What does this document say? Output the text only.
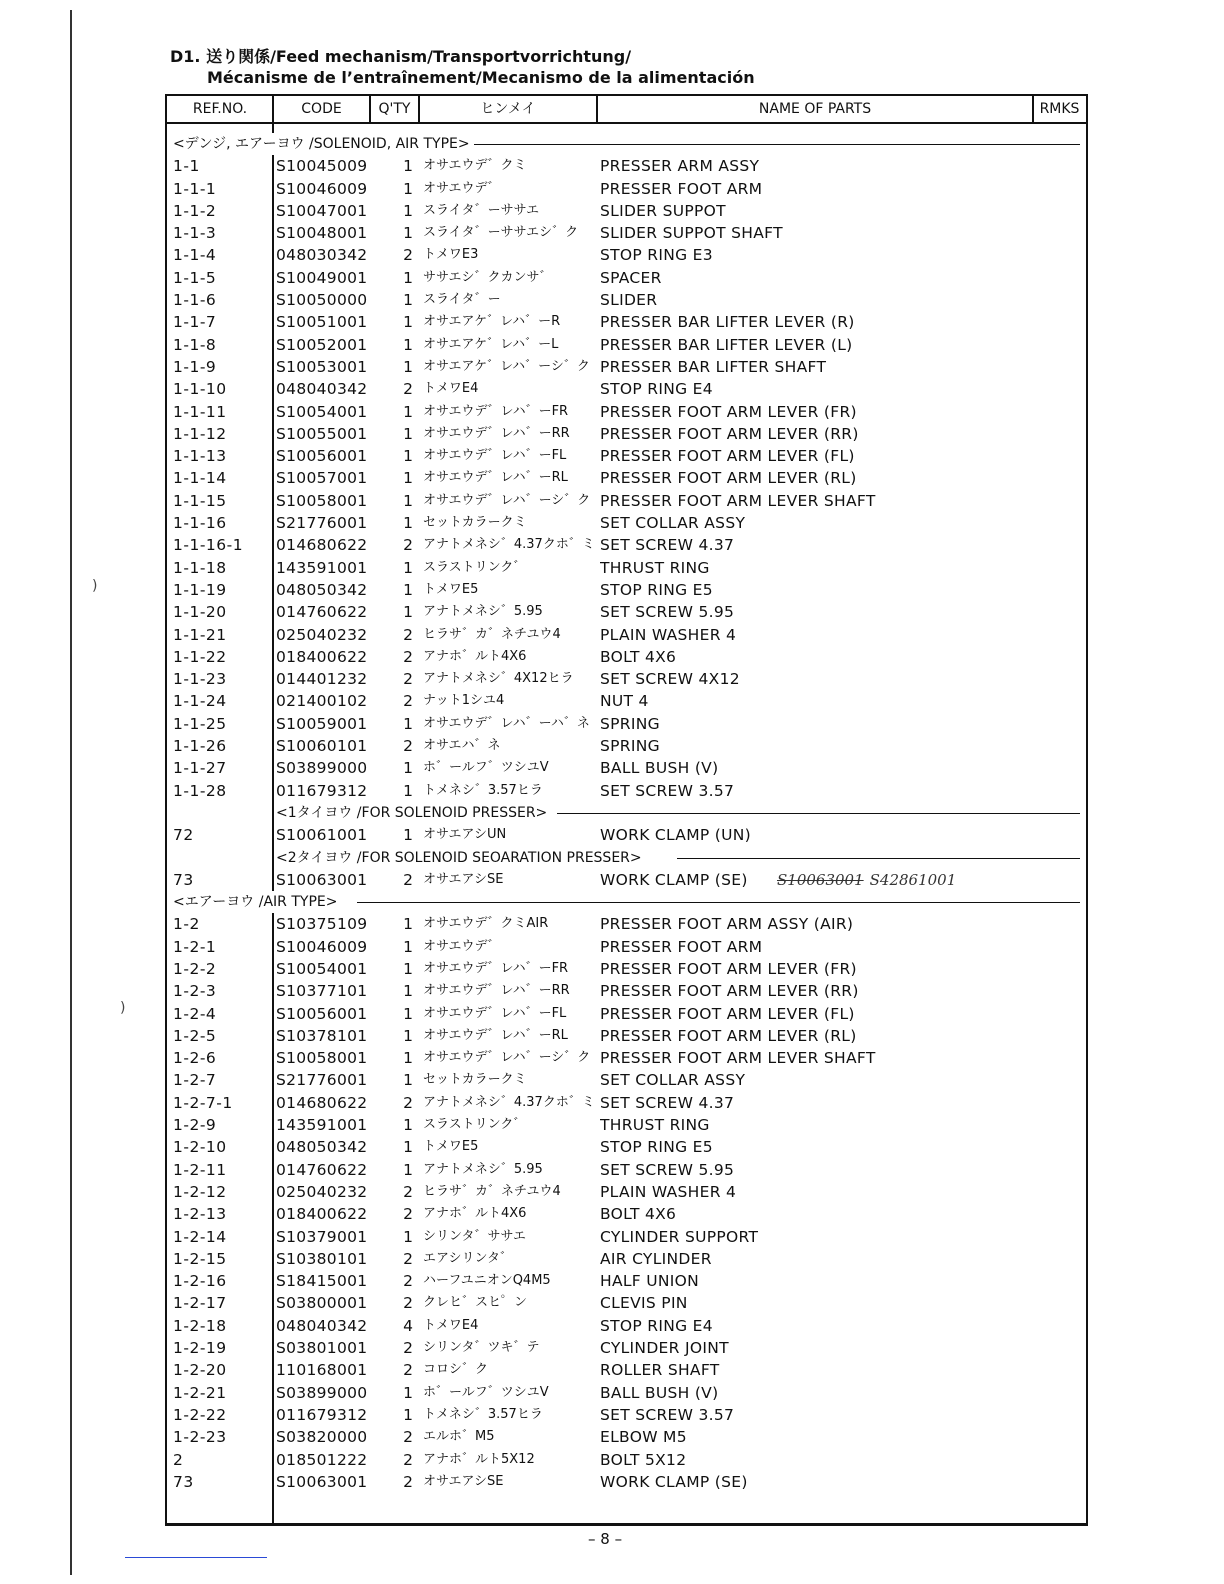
)
)
D1. 送り関係/Feed mechanism/Transportvorrichtung/
Mécanisme de l’entraînement/Mecanismo de la alimentación
REF.NO.	CODE	Q'TY	ヒンメイ	NAME OF PARTS	RMKS
<デンジ, エアーヨウ /SOLENOID, AIR TYPE>
1-1	S10045009	1 オサエウデ゛クミ	PRESSER ARM ASSY
1-1-1	S10046009	1 オサエウデ゛	PRESSER FOOT ARM
1-1-2	S10047001	1 スライタ゛ーササエ	SLIDER SUPPOT
1-1-3	S10048001	1 スライタ゛ーササエシ゛ク	SLIDER SUPPOT SHAFT
1-1-4	048030342	2 トメワE3	STOP RING E3
1-1-5	S10049001	1 ササエシ゛クカンサ゛	SPACER
1-1-6	S10050000	1 スライタ゛ー	SLIDER
1-1-7	S10051001	1 オサエアケ゛レハ゛ーR	PRESSER BAR LIFTER LEVER (R)
1-1-8	S10052001	1 オサエアケ゛レハ゛ーL	PRESSER BAR LIFTER LEVER (L)
1-1-9	S10053001	1 オサエアケ゛レハ゛ーシ゛ク PRESSER BAR LIFTER SHAFT
1-1-10	048040342	2 トメワE4	STOP RING E4
1-1-11	S10054001	1 オサエウデ゛レハ゛ーFR	PRESSER FOOT ARM LEVER (FR)
1-1-12	S10055001	1 オサエウデ゛レハ゛ーRR	PRESSER FOOT ARM LEVER (RR)
1-1-13	S10056001	1 オサエウデ゛レハ゛ーFL	PRESSER FOOT ARM LEVER (FL)
1-1-14	S10057001	1 オサエウデ゛レハ゛ーRL	PRESSER FOOT ARM LEVER (RL)
1-1-15	S10058001	1 オサエウデ゛レハ゛ーシ゛ク PRESSER FOOT ARM LEVER SHAFT
1-1-16	S21776001	1 セットカラークミ	SET COLLAR ASSY
1-1-16-1	014680622	2 アナトメネシ゛4.37クホ゛ミ SET SCREW 4.37
1-1-18	143591001	1 スラストリンク゛	THRUST RING
1-1-19	048050342	1 トメワE5	STOP RING E5
1-1-20	014760622	1 アナトメネシ゛5.95	SET SCREW 5.95
1-1-21	025040232	2 ヒラサ゛カ゛ネチユウ4	PLAIN WASHER 4
1-1-22	018400622	2 アナホ゛ルト4X6	BOLT 4X6
1-1-23	014401232	2 アナトメネシ゛4X12ヒラ	SET SCREW 4X12
1-1-24	021400102	2 ナット1シユ4	NUT 4
1-1-25	S10059001	1 オサエウデ゛レハ゛ーハ゛ネ SPRING
1-1-26	S10060101	2 オサエハ゛ネ	SPRING
1-1-27	S03899000	1 ホ゛ールフ゛ツシユV	BALL BUSH (V)
1-1-28	011679312	1 トメネシ゛3.57ヒラ	SET SCREW 3.57
<1タイヨウ /FOR SOLENOID PRESSER>
72	S10061001	1 オサエアシUN	WORK CLAMP (UN)
<2タイヨウ /FOR SOLENOID SEOARATION PRESSER>
73	S10063001	2 オサエアシSE	WORK CLAMP (SE)	S10063001 S42861001
<エアーヨウ /AIR TYPE>
1-2	S10375109	1 オサエウデ゛クミAIR	PRESSER FOOT ARM ASSY (AIR)
1-2-1	S10046009	1 オサエウデ゛	PRESSER FOOT ARM
1-2-2	S10054001	1 オサエウデ゛レハ゛ーFR	PRESSER FOOT ARM LEVER (FR)
1-2-3	S10377101	1 オサエウデ゛レハ゛ーRR	PRESSER FOOT ARM LEVER (RR)
1-2-4	S10056001	1 オサエウデ゛レハ゛ーFL	PRESSER FOOT ARM LEVER (FL)
1-2-5	S10378101	1 オサエウデ゛レハ゛ーRL	PRESSER FOOT ARM LEVER (RL)
1-2-6	S10058001	1 オサエウデ゛レハ゛ーシ゛ク PRESSER FOOT ARM LEVER SHAFT
1-2-7	S21776001	1 セットカラークミ	SET COLLAR ASSY
1-2-7-1	014680622	2 アナトメネシ゛4.37クホ゛ミ SET SCREW 4.37
1-2-9	143591001	1 スラストリンク゛	THRUST RING
1-2-10	048050342	1 トメワE5	STOP RING E5
1-2-11	014760622	1 アナトメネシ゛5.95	SET SCREW 5.95
1-2-12	025040232	2 ヒラサ゛カ゛ネチユウ4	PLAIN WASHER 4
1-2-13	018400622	2 アナホ゛ルト4X6	BOLT 4X6
1-2-14	S10379001	1 シリンタ゛ササエ	CYLINDER SUPPORT
1-2-15	S10380101	2 エアシリンタ゛	AIR CYLINDER
1-2-16	S18415001	2 ハーフユニオンQ4M5	HALF UNION
1-2-17	S03800001	2 クレヒ゛スヒ゜ン	CLEVIS PIN
1-2-18	048040342	4 トメワE4	STOP RING E4
1-2-19	S03801001	2 シリンタ゛ツキ゛テ	CYLINDER JOINT
1-2-20	110168001	2 コロシ゛ク	ROLLER SHAFT
1-2-21	S03899000	1 ホ゛ールフ゛ツシユV	BALL BUSH (V)
1-2-22	011679312	1 トメネシ゛3.57ヒラ	SET SCREW 3.57
1-2-23	S03820000	2 エルホ゛M5	ELBOW M5
2	018501222	2 アナホ゛ルト5X12	BOLT 5X12
73	S10063001	2 オサエアシSE	WORK CLAMP (SE)
– 8 –
